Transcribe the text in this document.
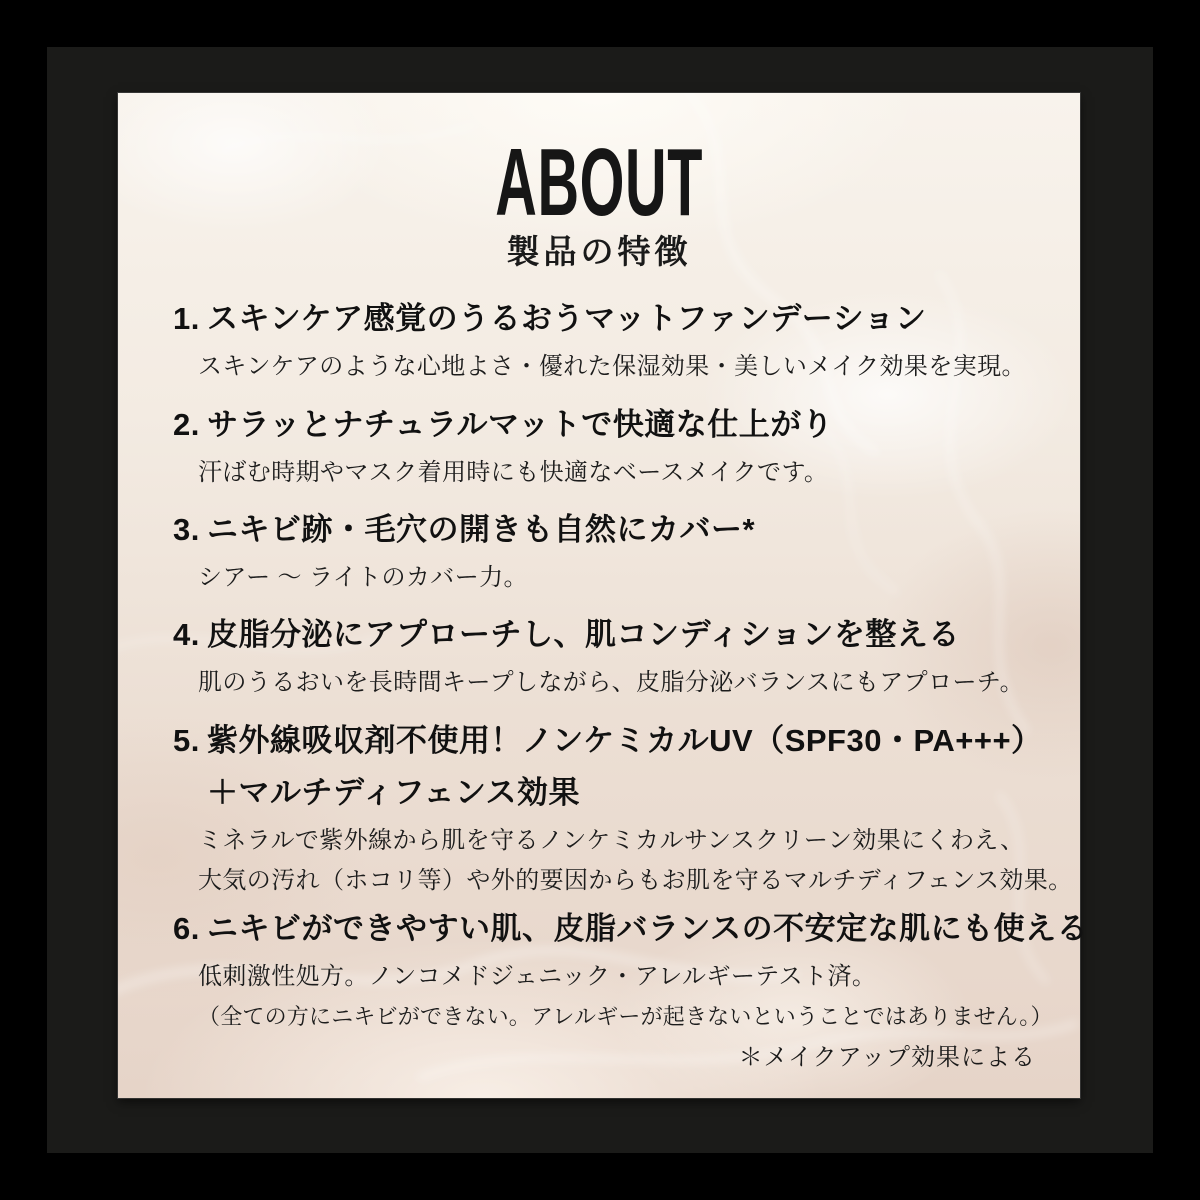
ABOUT
製品の特徴
1. スキンケア感覚のうるおうマットファンデーション
スキンケアのような心地よさ・優れた保湿効果・美しいメイク効果を実現。
2. サラッとナチュラルマットで快適な仕上がり
汗ばむ時期やマスク着用時にも快適なベースメイクです。
3. ニキビ跡・毛穴の開きも自然にカバー*
シアー ～ ライトのカバー力。
4. 皮脂分泌にアプローチし、肌コンディションを整える
肌のうるおいを長時間キープしながら、皮脂分泌バランスにもアプローチ。
5. 紫外線吸収剤不使用！ノンケミカルUV（SPF30・PA+++）
＋マルチディフェンス効果
ミネラルで紫外線から肌を守るノンケミカルサンスクリーン効果にくわえ、
大気の汚れ（ホコリ等）や外的要因からもお肌を守るマルチディフェンス効果。
6. ニキビができやすい肌、皮脂バランスの不安定な肌にも使える
低刺激性処方。ノンコメドジェニック・アレルギーテスト済。
（全ての方にニキビができない。アレルギーが起きないということではありません。）
＊メイクアップ効果による
